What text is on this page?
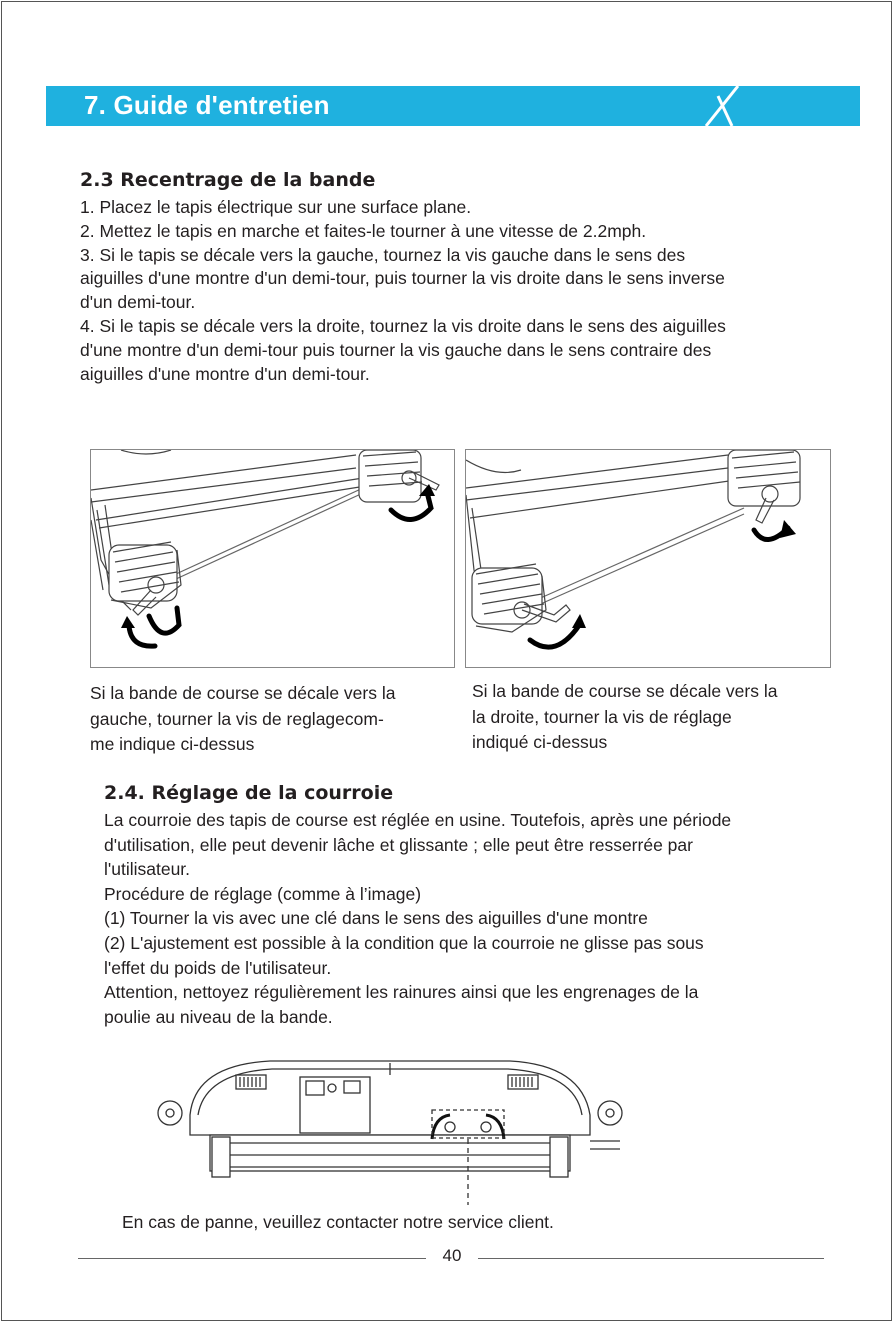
7. Guide d'entretien
2.3 Recentrage de la bande
1. Placez le tapis électrique sur une surface plane.
2. Mettez le tapis en marche et faites-le tourner à une vitesse de 2.2mph.
3. Si le tapis se décale vers la gauche, tournez la vis gauche dans le sens des
aiguilles d'une montre d'un demi-tour, puis tourner la vis droite dans le sens inverse
d'un demi-tour.
4. Si le tapis se décale vers la droite, tournez la vis droite dans le sens des aiguilles
d'une montre d'un demi-tour puis tourner la vis gauche dans le sens contraire des
aiguilles d'une montre d'un demi-tour.
Si la bande de course se décale vers la
gauche, tourner la vis de reglagecom-
me indique ci-dessus
Si la bande de course se décale vers la
la droite, tourner la vis de réglage
indiqué ci-dessus
2.4. Réglage de la courroie
La courroie des tapis de course est réglée en usine. Toutefois, après une période
d'utilisation, elle peut devenir lâche et glissante ; elle peut être resserrée par
l'utilisateur.
Procédure de réglage (comme à l’image)
(1) Tourner la vis avec une clé dans le sens des aiguilles d'une montre
(2) L'ajustement est possible à la condition que la courroie ne glisse pas sous
l'effet du poids de l'utilisateur.
Attention, nettoyez régulièrement les rainures ainsi que les engrenages de la
poulie au niveau de la bande.
En cas de panne, veuillez contacter notre service client.
40
